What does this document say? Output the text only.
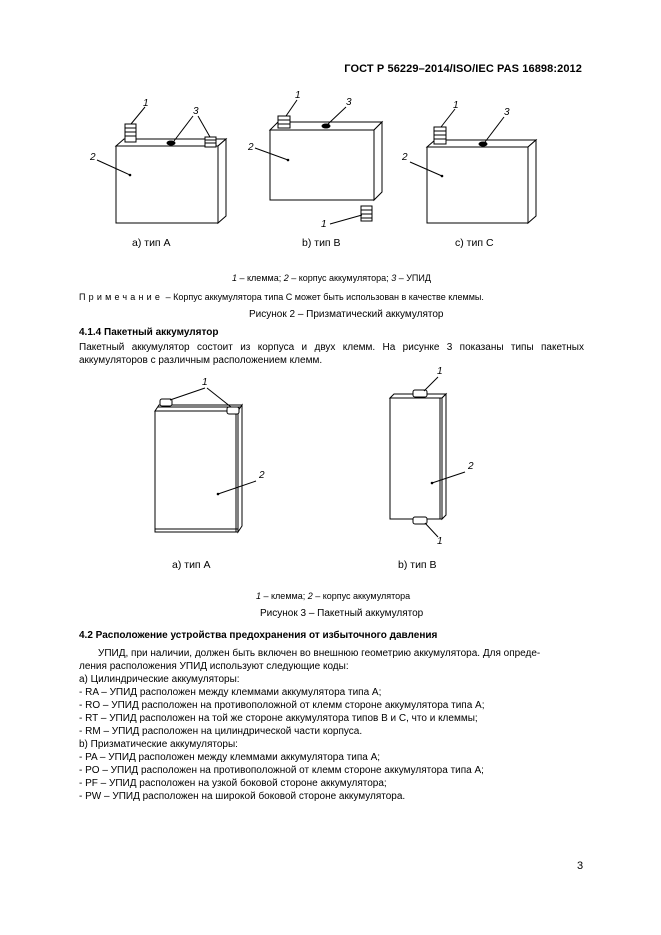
ГОСТ Р 56229–2014/ISO/IEC PAS 16898:2012
1
3
2
1
3
2
1
1
3
2
a) тип A	b) тип B	c) тип C
1 – клемма; 2 – корпус аккумулятора; 3 – УПИД
Примечание – Корпус аккумулятора типа C может быть использован в качестве клеммы.
Рисунок 2 – Призматический аккумулятор
4.1.4 Пакетный аккумулятор
Пакетный аккумулятор состоит из корпуса и двух клемм. На рисунке 3 показаны типы пакетных аккумуляторов с различным расположением клемм.
1
2
1
2
1
a) тип A	b) тип B
1 – клемма; 2 – корпус аккумулятора
Рисунок 3 – Пакетный аккумулятор
4.2 Расположение устройства предохранения от избыточного давления
УПИД, при наличии, должен быть включен во внешнюю геометрию аккумулятора. Для опреде-
ления расположения УПИД используют следующие коды:
a) Цилиндрические аккумуляторы:
- RA – УПИД расположен между клеммами аккумулятора типа A;
- RO – УПИД расположен на противоположной от клемм стороне аккумулятора типа A;
- RT – УПИД расположен на той же стороне аккумулятора типов B и C, что и клеммы;
- RM – УПИД расположен на цилиндрической части корпуса.
b) Призматические аккумуляторы:
- PA – УПИД расположен между клеммами аккумулятора типа A;
- PO – УПИД расположен на противоположной от клемм стороне аккумулятора типа A;
- PF – УПИД расположен на узкой боковой стороне аккумулятора;
- PW – УПИД расположен на широкой боковой стороне аккумулятора.
3
